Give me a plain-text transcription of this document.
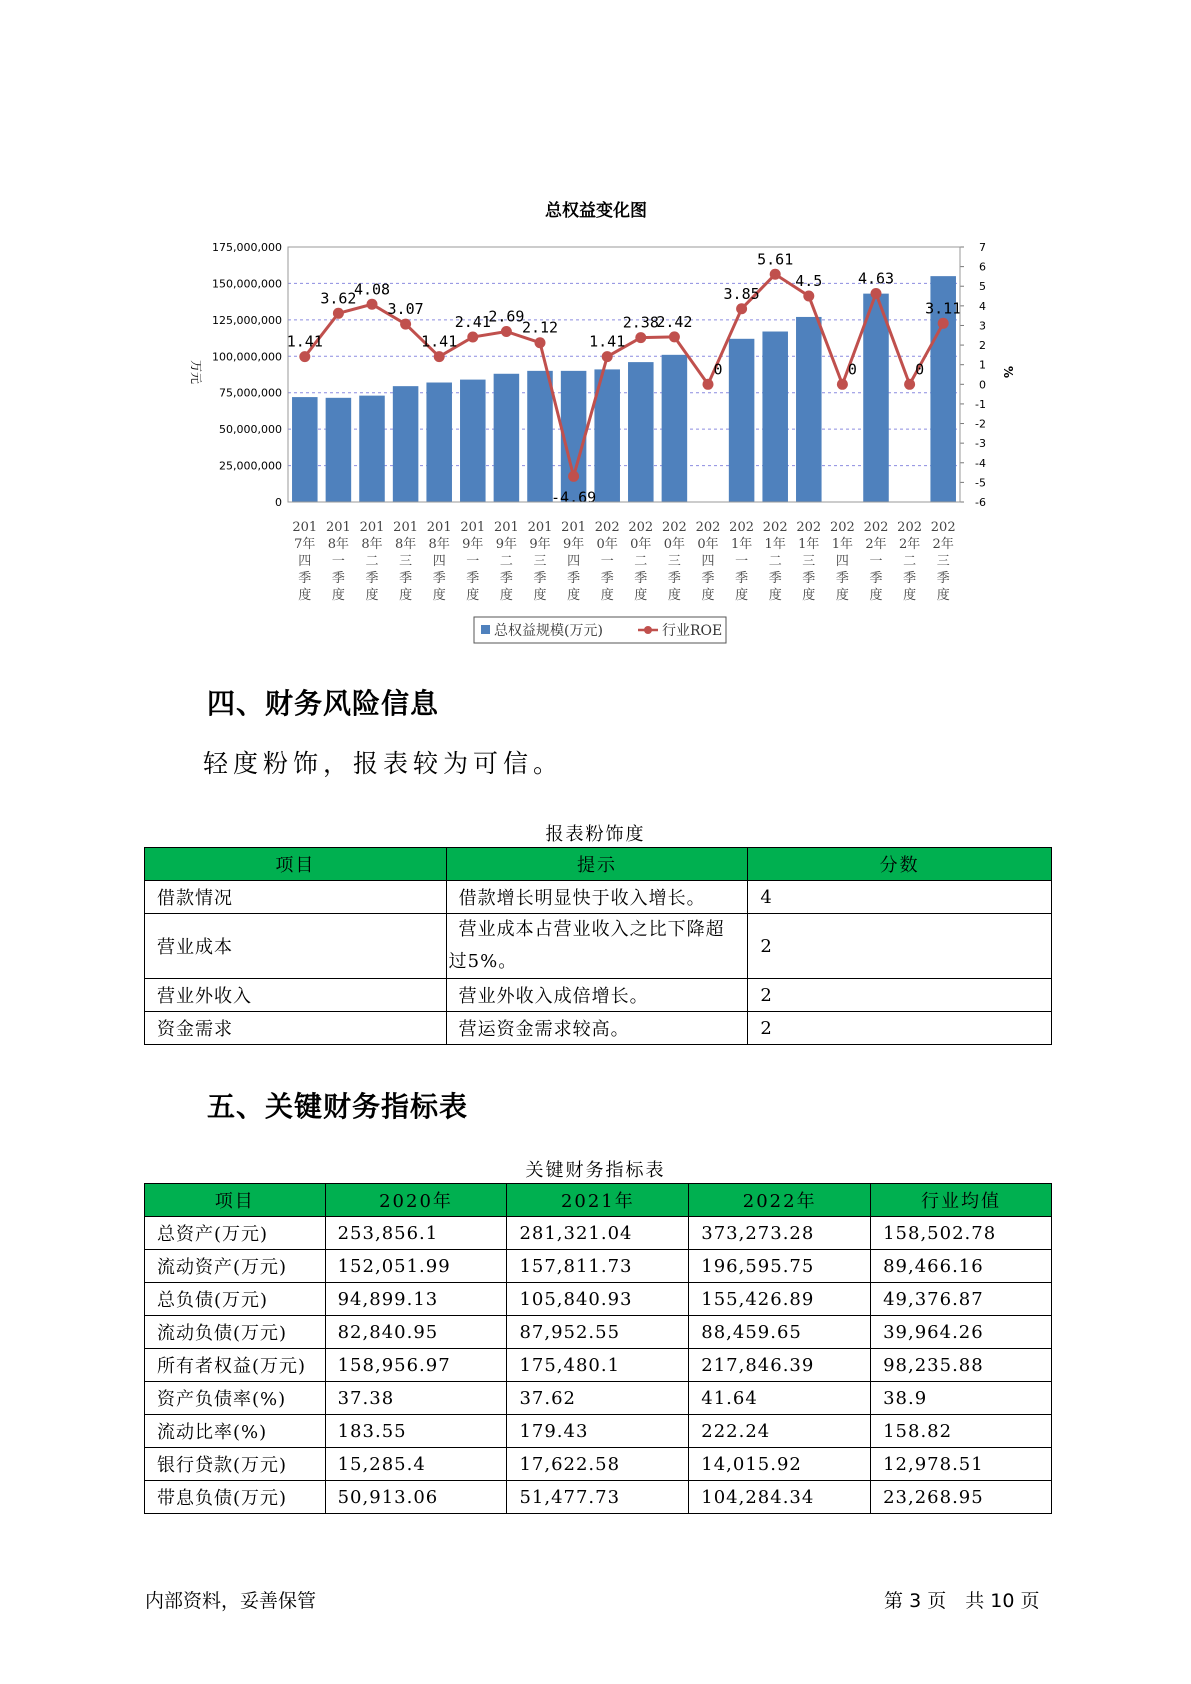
总权益变化图
1.41
3.62
4.08
3.07
1.41
2.41
2.69
2.12
-4.69
1.41
2.38
2.42
0
3.85
5.61
4.5
0
4.63
0
3.11
0
25,000,000
50,000,000
75,000,000
100,000,000
125,000,000
150,000,000
175,000,000
-6
-5
-4
-3
-2
-1
0
1
2
3
4
5
6
7
201
7年
四
季
度
201
8年
一
季
度
201
8年
二
季
度
201
8年
三
季
度
201
8年
四
季
度
201
9年
一
季
度
201
9年
二
季
度
201
9年
三
季
度
201
9年
四
季
度
202
0年
一
季
度
202
0年
二
季
度
202
0年
三
季
度
202
0年
四
季
度
202
1年
一
季
度
202
1年
二
季
度
202
1年
三
季
度
202
1年
四
季
度
202
2年
一
季
度
202
2年
二
季
度
202
2年
三
季
度
万元	%
总权益规模(万元)	行业ROE
四、财务风险信息

轻度粉饰，报表较为可信。

报表粉饰度
项目	提示	分数
借款情况	借款增长明显快于收入增长。	4
营业成本	营业成本占营业收入之比下降超
过5%。	2
营业外收入	营业外收入成倍增长。	2
资金需求	营运资金需求较高。	2
五、关键财务指标表
关键财务指标表
项目	2020年	2021年	2022年	行业均值
总资产(万元)	253,856.1	281,321.04	373,273.28	158,502.78
流动资产(万元)	152,051.99	157,811.73	196,595.75	89,466.16
总负债(万元)	94,899.13	105,840.93	155,426.89	49,376.87
流动负债(万元)	82,840.95	87,952.55	88,459.65	39,964.26
所有者权益(万元)	158,956.97	175,480.1	217,846.39	98,235.88
资产负债率(%)	37.38	37.62	41.64	38.9
流动比率(%)	183.55	179.43	222.24	158.82
银行贷款(万元)	15,285.4	17,622.58	14,015.92	12,978.51
带息负债(万元)	50,913.06	51,477.73	104,284.34	23,268.95
内部资料，妥善保管	第 3 页　共 10 页
